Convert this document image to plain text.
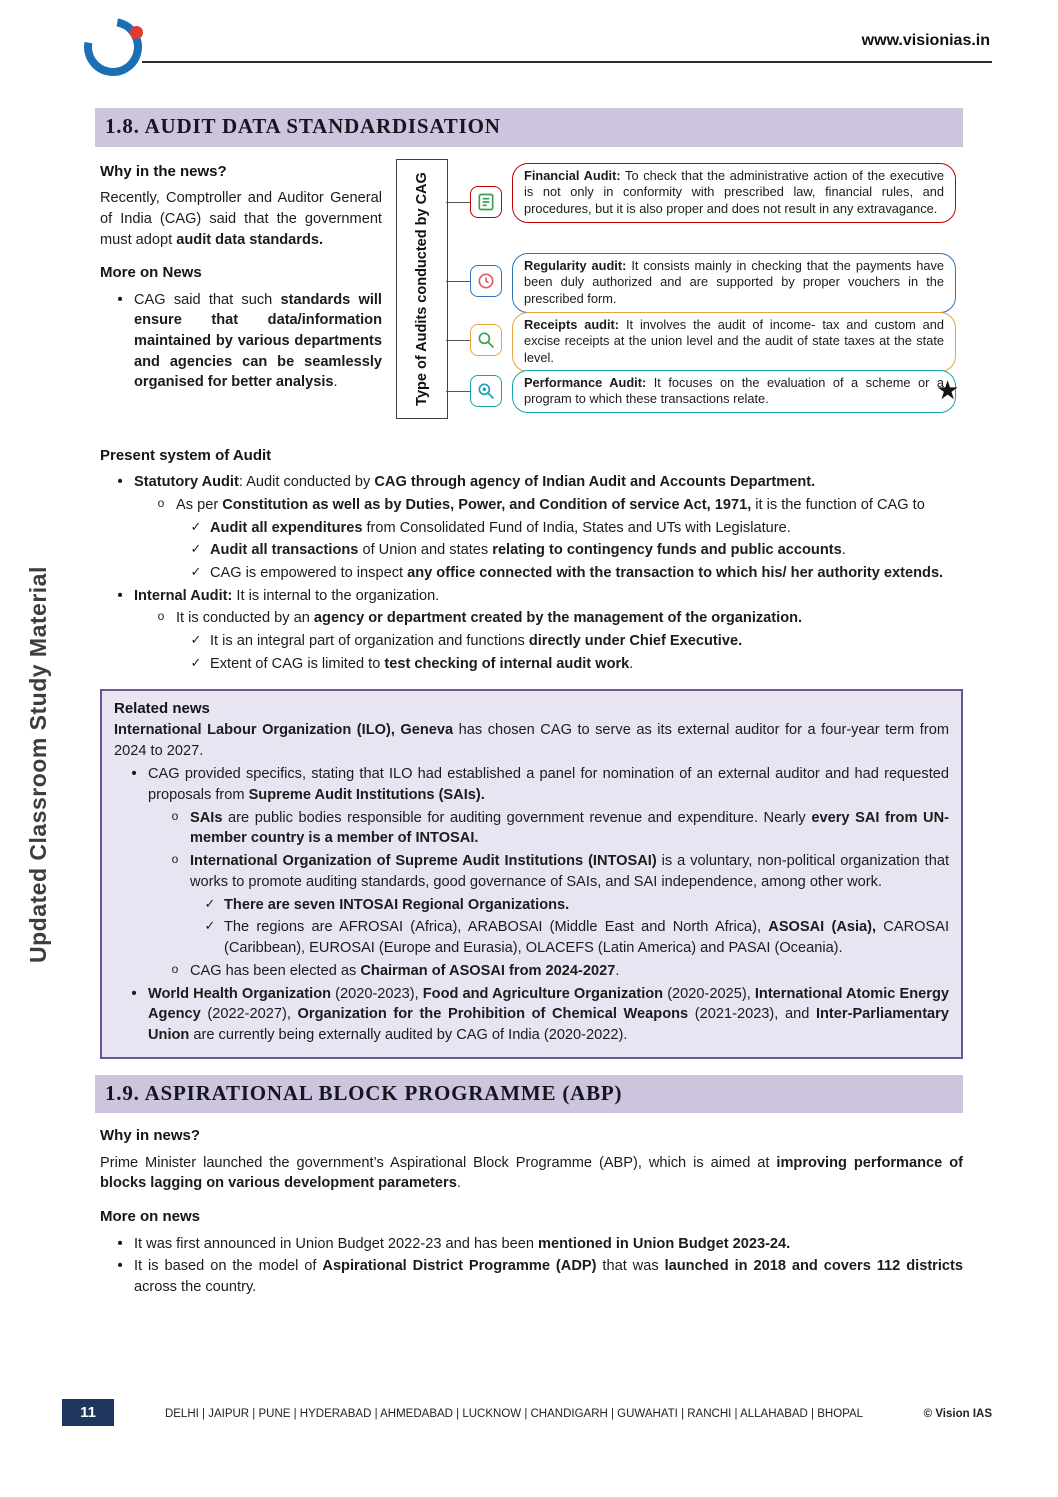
www.visionias.in
Updated Classroom Study Material
1.8. AUDIT DATA STANDARDISATION
Why in the news?

Recently, Comptroller and Auditor General of India (CAG) said that the government must adopt audit data standards.

More on News
• CAG said that such standards will ensure that data/information maintained by various departments and agencies can be seamlessly organised for better analysis.	Type of Audits conducted by CAG	Financial Audit: To check that the administrative action of the executive is not only in conformity with prescribed law, financial rules, and procedures, but it is also proper and does not result in any extravagance.
Regularity audit: It consists mainly in checking that the payments have been duly authorized and are supported by proper vouchers in the prescribed form.
Receipts audit: It involves the audit of income- tax and custom and excise receipts at the union level and the audit of state taxes at the state level.
Performance Audit: It focuses on the evaluation of a scheme or a program to which these transactions relate.	★
Present system of Audit
• Statutory Audit: Audit conducted by CAG through agency of Indian Audit and Accounts Department.
o As per Constitution as well as by Duties, Power, and Condition of service Act, 1971, it is the function of CAG to
✓ Audit all expenditures from Consolidated Fund of India, States and UTs with Legislature.
✓ Audit all transactions of Union and states relating to contingency funds and public accounts.
✓ CAG is empowered to inspect any office connected with the transaction to which his/ her authority extends.
• Internal Audit: It is internal to the organization.
o It is conducted by an agency or department created by the management of the organization.
✓ It is an integral part of organization and functions directly under Chief Executive.
✓ Extent of CAG is limited to test checking of internal audit work.
Related news

International Labour Organization (ILO), Geneva has chosen CAG to serve as its external auditor for a four-year term from 2024 to 2027.

• CAG provided specifics, stating that ILO had established a panel for nomination of an external auditor and had requested proposals from Supreme Audit Institutions (SAIs).
o SAIs are public bodies responsible for auditing government revenue and expenditure. Nearly every SAI from UN-member country is a member of INTOSAI.
o International Organization of Supreme Audit Institutions (INTOSAI) is a voluntary, non-political organization that works to promote auditing standards, good governance of SAIs, and SAI independence, among other work.
✓ There are seven INTOSAI Regional Organizations.
✓ The regions are AFROSAI (Africa), ARABOSAI (Middle East and North Africa), ASOSAI (Asia), CAROSAI (Caribbean), EUROSAI (Europe and Eurasia), OLACEFS (Latin America) and PASAI (Oceania).
o CAG has been elected as Chairman of ASOSAI from 2024-2027.
• World Health Organization (2020-2023), Food and Agriculture Organization (2020-2025), International Atomic Energy Agency (2022-2027), Organization for the Prohibition of Chemical Weapons (2021-2023), and Inter-Parliamentary Union are currently being externally audited by CAG of India (2020-2022).
1.9. ASPIRATIONAL BLOCK PROGRAMME (ABP)
Why in news?

Prime Minister launched the government’s Aspirational Block Programme (ABP), which is aimed at improving performance of blocks lagging on various development parameters.

More on news
• It was first announced in Union Budget 2022-23 and has been mentioned in Union Budget 2023-24.
• It is based on the model of Aspirational District Programme (ADP) that was launched in 2018 and covers 112 districts across the country.
11	DELHI | JAIPUR | PUNE | HYDERABAD | AHMEDABAD | LUCKNOW | CHANDIGARH | GUWAHATI | RANCHI | ALLAHABAD | BHOPAL	© Vision IAS
